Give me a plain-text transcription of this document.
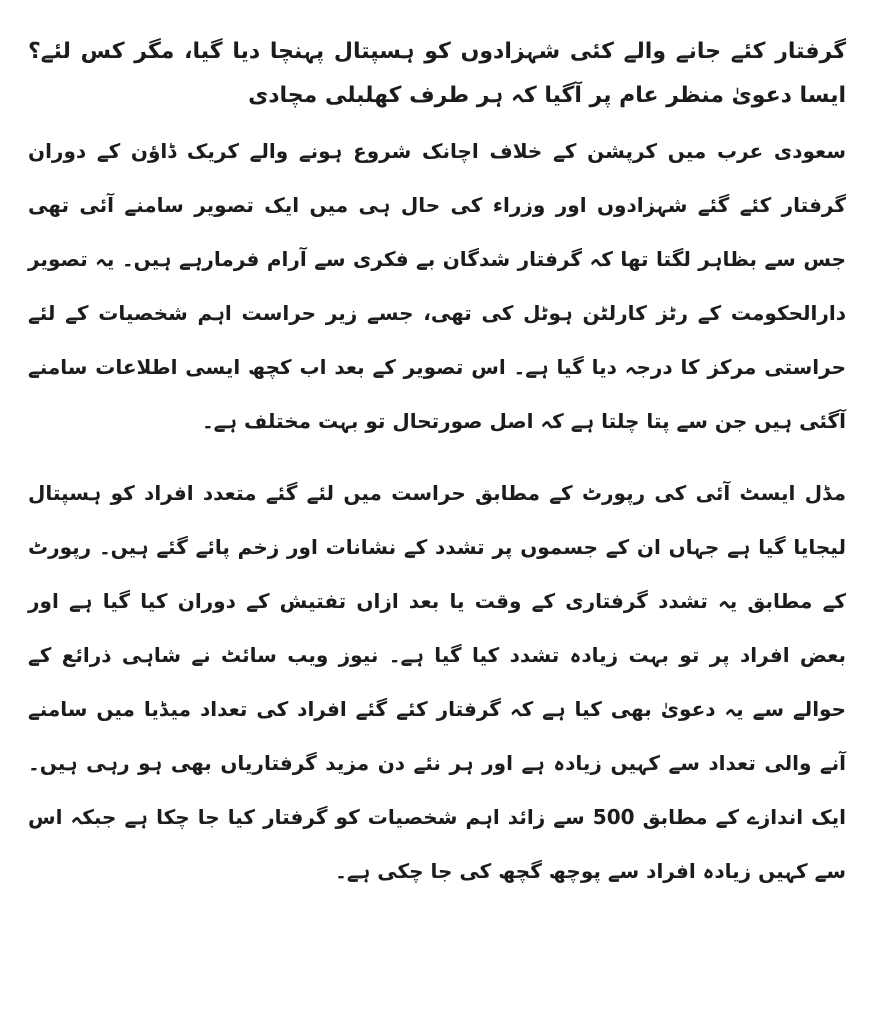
گرفتار کئے جانے والے کئی شہزادوں کو ہسپتال پہنچا دیا گیا، مگر کس لئے؟ ایسا دعویٰ منظر عام پر آگیا کہ ہر طرف کھلبلی مچادی

سعودی عرب میں کرپشن کے خلاف اچانک شروع ہونے والے کریک ڈاؤن کے دوران گرفتار کئے گئے شہزادوں اور وزراء کی حال ہی میں ایک تصویر سامنے آئی تھی جس سے بظاہر لگتا تھا کہ گرفتار شدگان بے فکری سے آرام فرمارہے ہیں۔ یہ تصویر دارالحکومت کے رٹز کارلٹن ہوٹل کی تھی، جسے زیر حراست اہم شخصیات کے لئے حراستی مرکز کا درجہ دیا گیا ہے۔ اس تصویر کے بعد اب کچھ ایسی اطلاعات سامنے آگئی ہیں جن سے پتا چلتا ہے کہ اصل صورتحال تو بہت مختلف ہے۔

مڈل ایسٹ آئی کی رپورٹ کے مطابق حراست میں لئے گئے متعدد افراد کو ہسپتال لیجایا گیا ہے جہاں ان کے جسموں پر تشدد کے نشانات اور زخم پائے گئے ہیں۔ رپورٹ کے مطابق یہ تشدد گرفتاری کے وقت یا بعد ازاں تفتیش کے دوران کیا گیا ہے اور بعض افراد پر تو بہت زیادہ تشدد کیا گیا ہے۔ نیوز ویب سائٹ نے شاہی ذرائع کے حوالے سے یہ دعویٰ بھی کیا ہے کہ گرفتار کئے گئے افراد کی تعداد میڈیا میں سامنے آنے والی تعداد سے کہیں زیادہ ہے اور ہر نئے دن مزید گرفتاریاں بھی ہو رہی ہیں۔ ایک اندازے کے مطابق 500 سے زائد اہم شخصیات کو گرفتار کیا جا چکا ہے جبکہ اس سے کہیں زیادہ افراد سے پوچھ گچھ کی جا چکی ہے۔
